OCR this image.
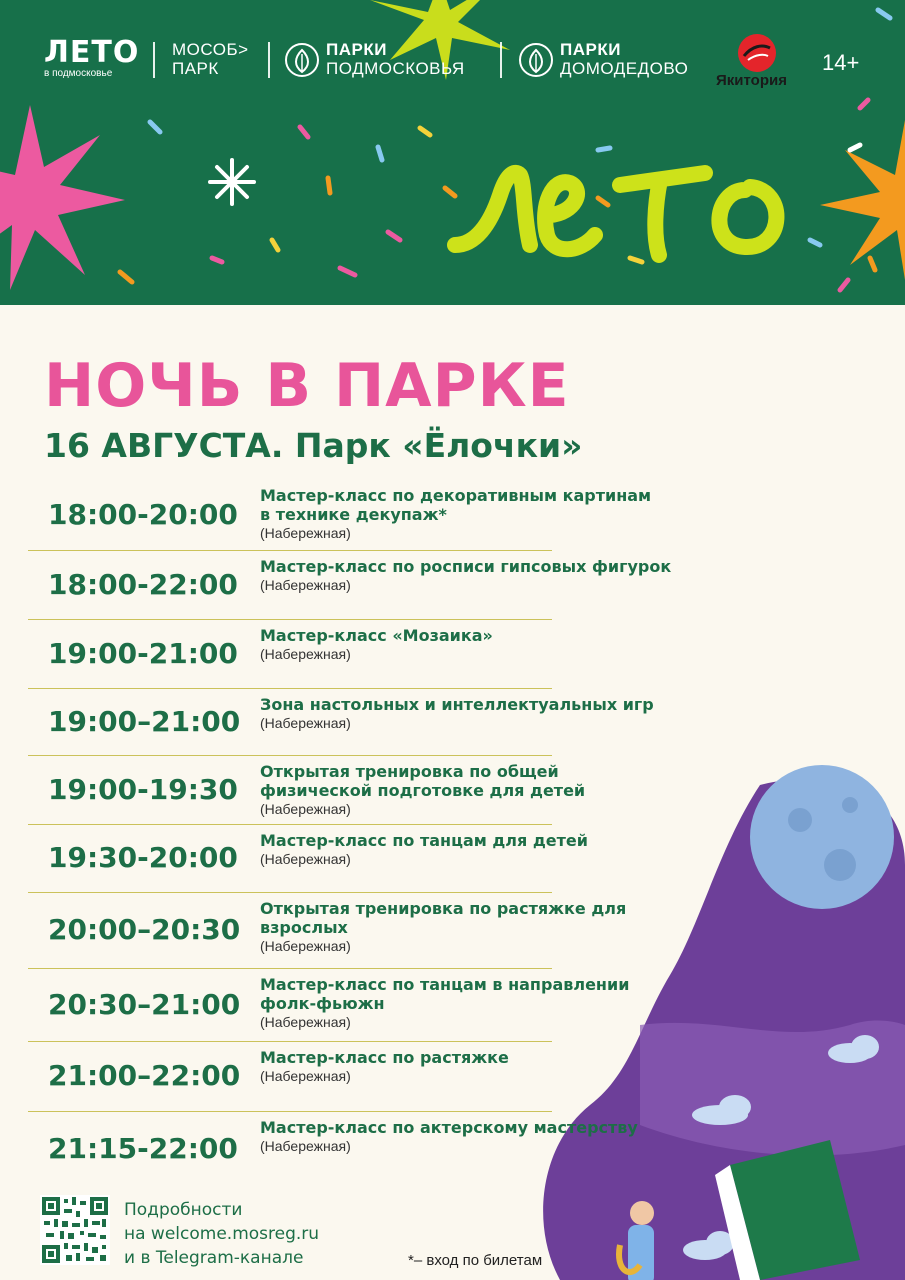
ЛЕТО
в подмосковье
МОСОБ>
ПАРК
ПАРКИ
ПОДМОСКОВЬЯ
ПАРКИ
ДОМОДЕДОВО
Якитория
14+
НОЧЬ В ПАРКЕ
16 АВГУСТА. Парк «Ёлочки»
18:00-20:00
Мастер-класс по декоративным картинам в технике декупаж*
(Набережная)
18:00-22:00
Мастер-класс по росписи гипсовых фигурок
(Набережная)
19:00-21:00
Мастер-класс «Мозаика»
(Набережная)
19:00–21:00
Зона настольных и интеллектуальных игр
(Набережная)
19:00-19:30
Открытая тренировка по общей физической подготовке для детей
(Набережная)
19:30-20:00
Мастер-класс по танцам для детей
(Набережная)
20:00–20:30
Открытая тренировка по растяжке для взрослых
(Набережная)
20:30–21:00
Мастер-класс по танцам в направлении фолк-фьюжн
(Набережная)
21:00–22:00
Мастер-класс по растяжке
(Набережная)
21:15-22:00
Мастер-класс по актерскому мастерству
(Набережная)
Подробности
на welcome.mosreg.ru
и в Telegram-канале	*– вход по билетам
